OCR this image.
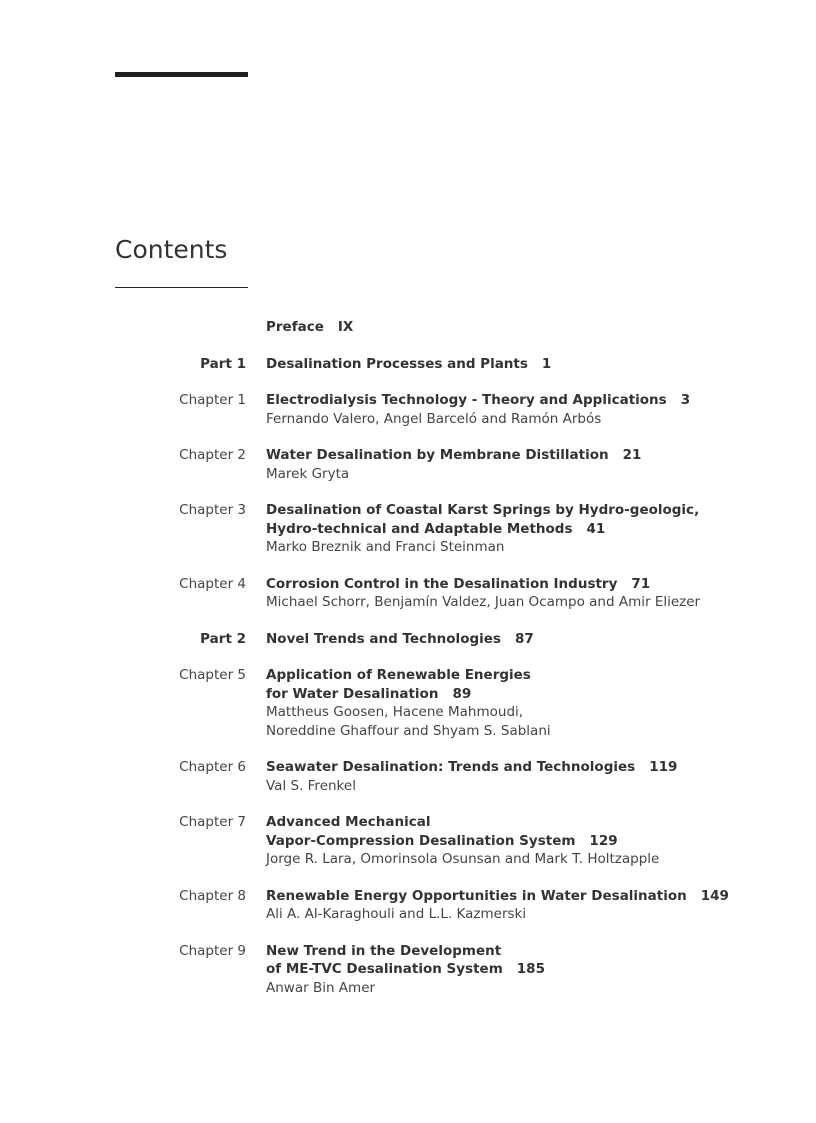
Contents
Preface IX
Part 1 Desalination Processes and Plants 1
Chapter 1 Electrodialysis Technology - Theory and Applications 3
Fernando Valero, Angel Barceló and Ramón Arbós
Chapter 2 Water Desalination by Membrane Distillation 21
Marek Gryta
Chapter 3 Desalination of Coastal Karst Springs by Hydro-geologic,
Hydro-technical and Adaptable Methods 41
Marko Breznik and Franci Steinman
Chapter 4 Corrosion Control in the Desalination Industry 71
Michael Schorr, Benjamín Valdez, Juan Ocampo and Amir Eliezer
Part 2 Novel Trends and Technologies 87
Chapter 5 Application of Renewable Energies
for Water Desalination 89
Mattheus Goosen, Hacene Mahmoudi,
Noreddine Ghaffour and Shyam S. Sablani
Chapter 6 Seawater Desalination: Trends and Technologies 119
Val S. Frenkel
Chapter 7 Advanced Mechanical
Vapor-Compression Desalination System 129
Jorge R. Lara, Omorinsola Osunsan and Mark T. Holtzapple
Chapter 8 Renewable Energy Opportunities in Water Desalination 149
Ali A. Al-Karaghouli and L.L. Kazmerski
Chapter 9 New Trend in the Development
of ME-TVC Desalination System 185
Anwar Bin Amer
